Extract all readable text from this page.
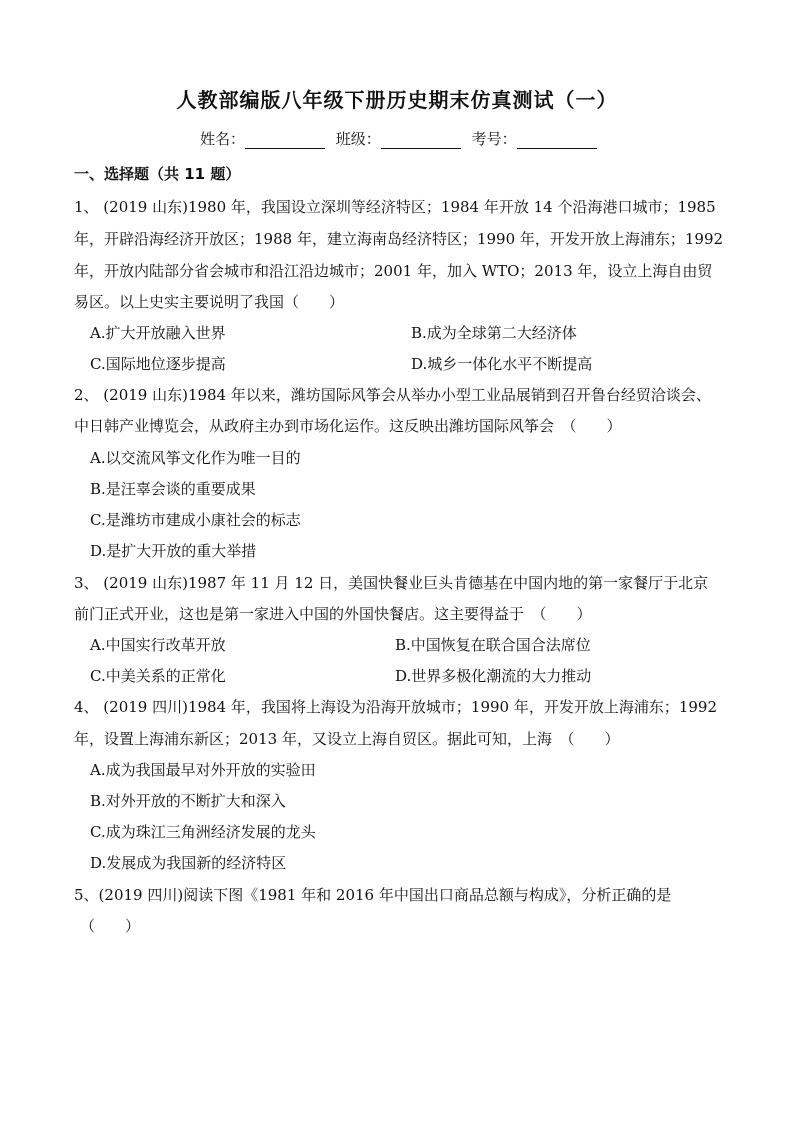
人教部编版八年级下册历史期末仿真测试（一）
姓名：	班级：	考号：
一、选择题（共 11 题）
1、 (2019 山东)1980 年，我国设立深圳等经济特区；1984 年开放 14 个沿海港口城市；1985
年，开辟沿海经济开放区；1988 年，建立海南岛经济特区；1990 年，开发开放上海浦东；1992
年，开放内陆部分省会城市和沿江沿边城市；2001 年，加入 WTO；2013 年，设立上海自由贸
易区。以上史实主要说明了我国（　　）
A.扩大开放融入世界	B.成为全球第二大经济体
C.国际地位逐步提高	D.城乡一体化水平不断提高
2、 (2019 山东)1984 年以来，潍坊国际风筝会从举办小型工业品展销到召开鲁台经贸洽谈会、
中日韩产业博览会，从政府主办到市场化运作。这反映出潍坊国际风筝会　（　　）
A.以交流风筝文化作为唯一目的
B.是汪辜会谈的重要成果
C.是潍坊市建成小康社会的标志
D.是扩大开放的重大举措
3、 (2019 山东)1987 年 11 月 12 日，美国快餐业巨头肯德基在中国内地的第一家餐厅于北京
前门正式开业，这也是第一家进入中国的外国快餐店。这主要得益于　（　　）
A.中国实行改革开放	B.中国恢复在联合国合法席位
C.中美关系的正常化	D.世界多极化潮流的大力推动
4、 (2019 四川)1984 年，我国将上海设为沿海开放城市；1990 年，开发开放上海浦东；1992
年，设置上海浦东新区；2013 年，又设立上海自贸区。据此可知，上海　（　　）
A.成为我国最早对外开放的实验田
B.对外开放的不断扩大和深入
C.成为珠江三角洲经济发展的龙头
D.发展成为我国新的经济特区
5、(2019 四川)阅读下图《1981 年和 2016 年中国出口商品总额与构成》，分析正确的是
（　　）
